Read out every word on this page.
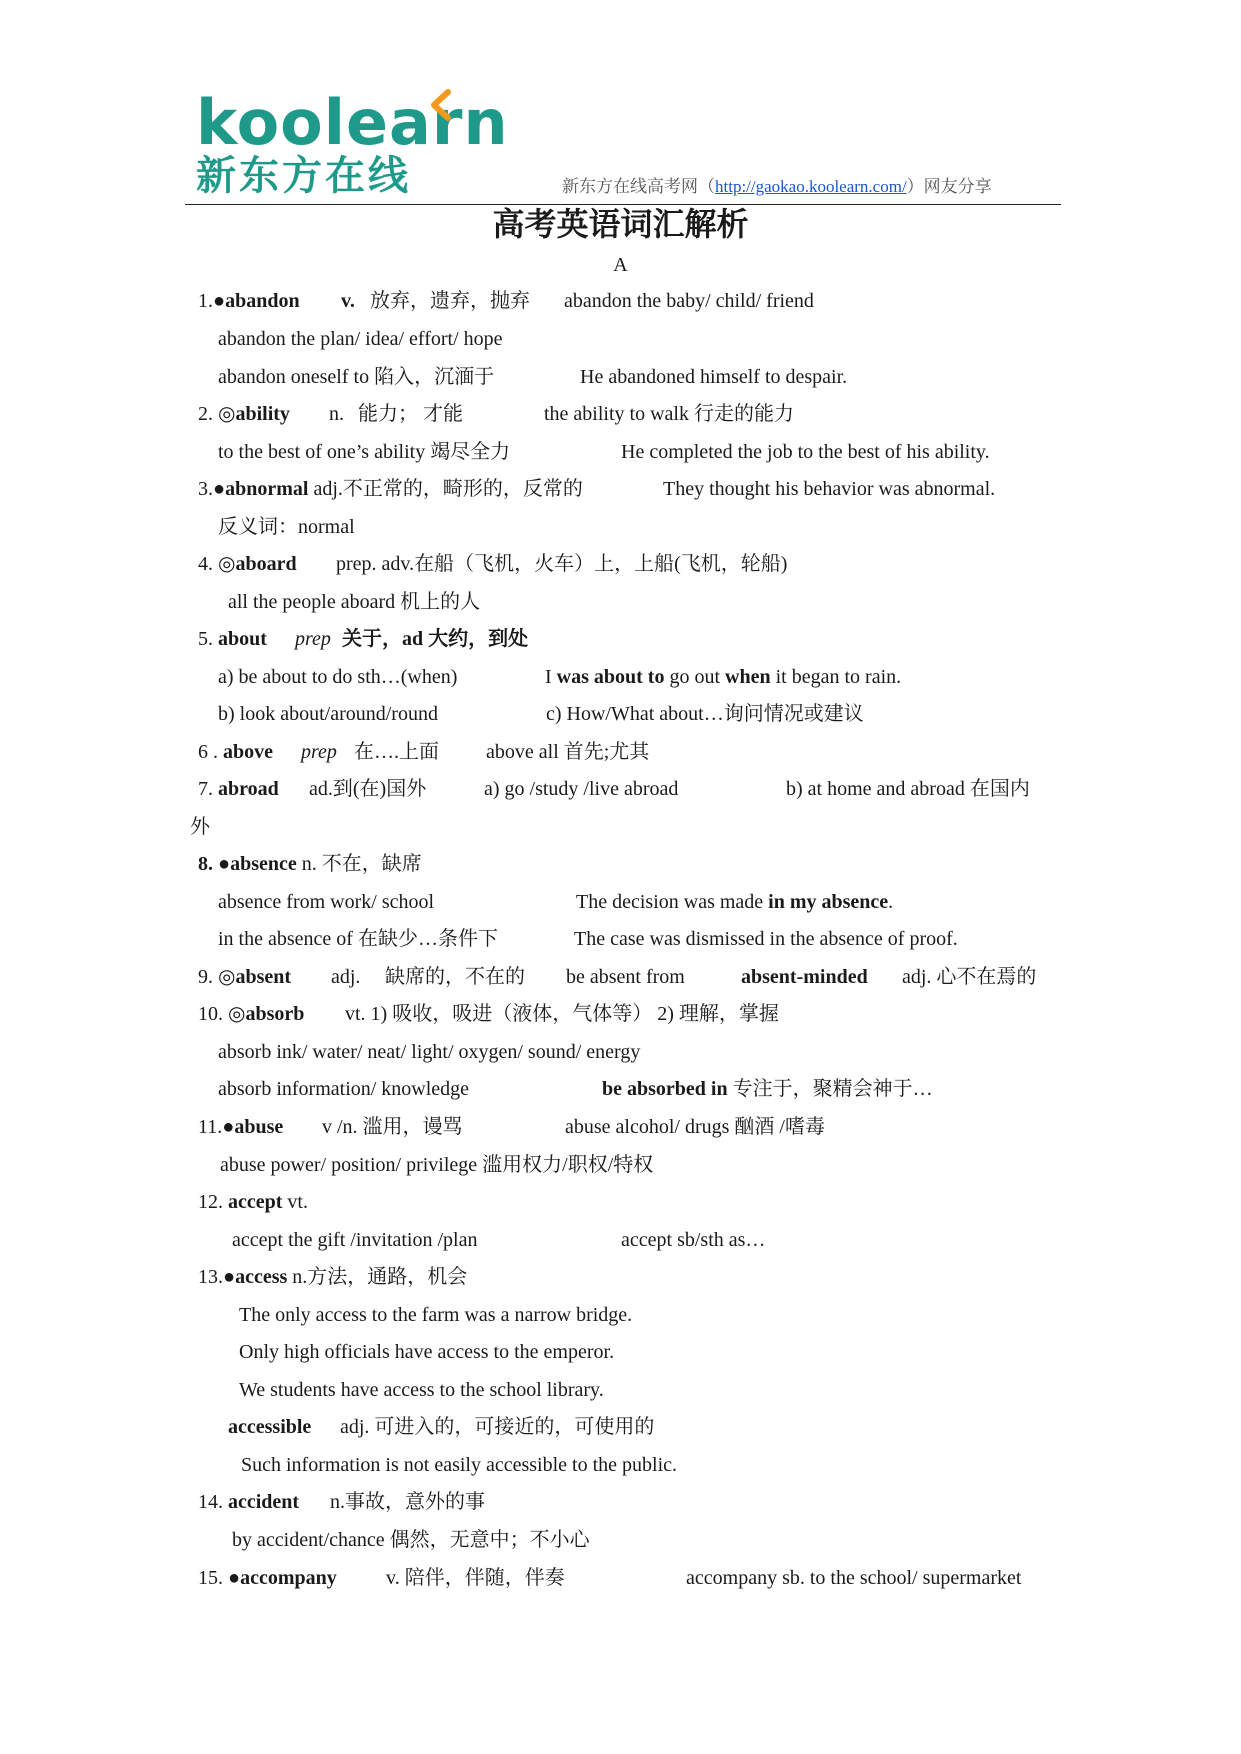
koolearn
新东方在线	新东方在线高考网（http://gaokao.koolearn.com/）网友分享
高考英语词汇解析
A
1.●abandon v. 放弃，遗弃，抛弃 abandon the baby/ child/ friend
abandon the plan/ idea/ effort/ hope
abandon oneself to 陷入，沉湎于	He abandoned himself to despair.
2. ◎ability n. 能力； 才能	the ability to walk 行走的能力
to the best of one’s ability 竭尽全力	He completed the job to the best of his ability.
3.●abnormal adj.不正常的，畸形的，反常的	They thought his behavior was abnormal.
反义词：normal
4. ◎aboard prep. adv.在船（飞机，火车）上，上船(飞机，轮船)
all the people aboard 机上的人
5. about prep 关于，ad 大约，到处
a) be about to do sth…(when)	I was about to go out when it began to rain.
b) look about/around/round	c) How/What about…询问情况或建议
6 . above prep 在….上面 above all 首先;尤其
7. abroad ad.到(在)国外	a) go /study /live abroad	b) at home and abroad 在国内
外
8. ●absence n. 不在，缺席
absence from work/ school	The decision was made in my absence.
in the absence of 在缺少…条件下	The case was dismissed in the absence of proof.
9. ◎absent adj. 缺席的，不在的 be absent from	absent-minded adj. 心不在焉的
10. ◎absorb vt. 1) 吸收，吸进（液体，气体等） 2) 理解，掌握
absorb ink/ water/ neat/ light/ oxygen/ sound/ energy
absorb information/ knowledge	be absorbed in 专注于，聚精会神于…
11.●abuse v /n. 滥用，谩骂	abuse alcohol/ drugs 酗酒 /嗜毒
abuse power/ position/ privilege 滥用权力/职权/特权
12. accept vt.
accept the gift /invitation /plan	accept sb/sth as…
13.●access n.方法，通路，机会
The only access to the farm was a narrow bridge.
Only high officials have access to the emperor.
We students have access to the school library.
accessible adj. 可进入的，可接近的，可使用的
Such information is not easily accessible to the public.
14. accident n.事故，意外的事
by accident/chance 偶然，无意中；不小心
15. ●accompany v. 陪伴，伴随，伴奏	accompany sb. to the school/ supermarket
